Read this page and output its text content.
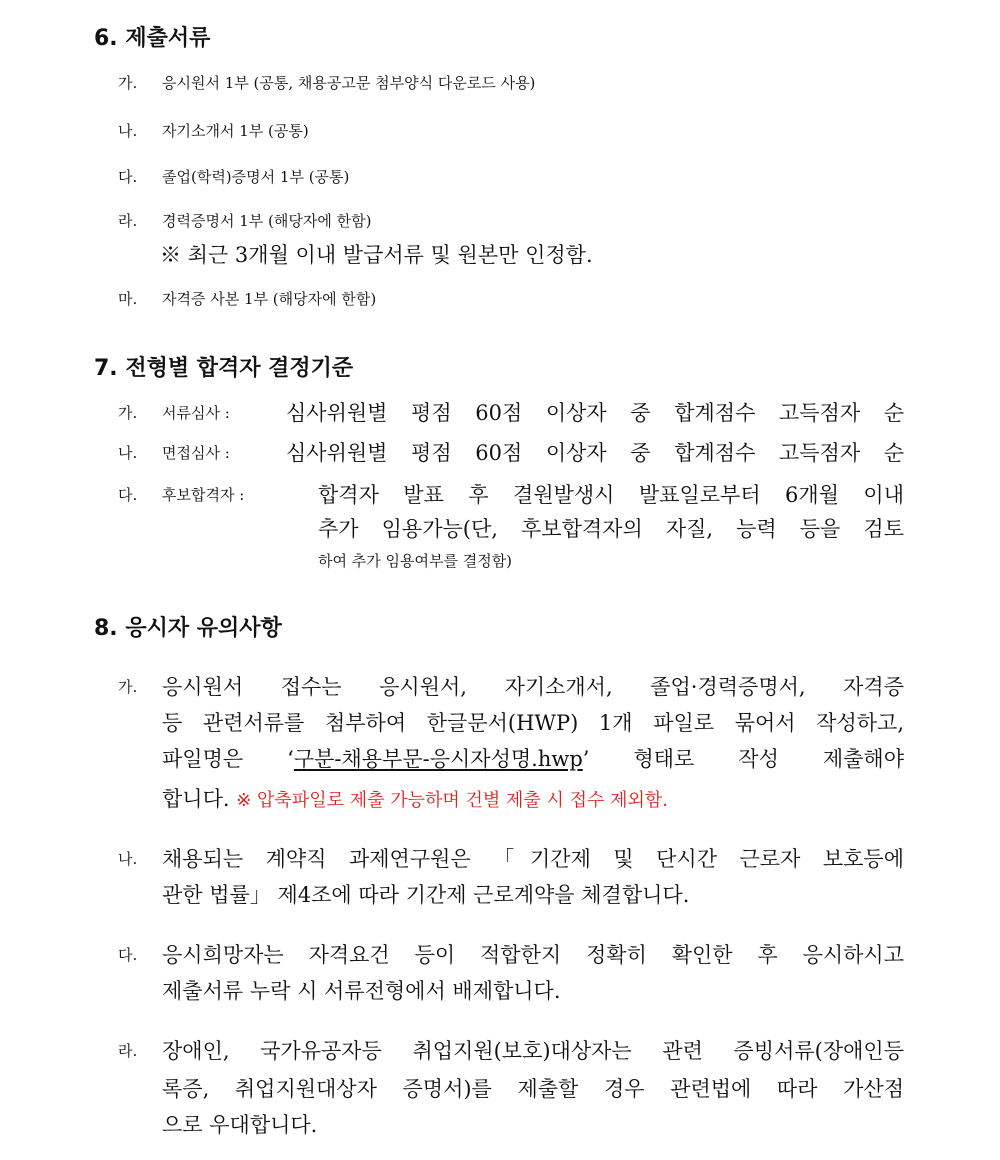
6. 제출서류
가. 응시원서 1부 (공통, 채용공고문 첨부양식 다운로드 사용)
나. 자기소개서 1부 (공통)
다. 졸업(학력)증명서 1부 (공통)
라. 경력증명서 1부 (해당자에 한함)
※ 최근 3개월 이내 발급서류 및 원본만 인정함.
마. 자격증 사본 1부 (해당자에 한함)
7. 전형별 합격자 결정기준
가. 서류심사 :	심사위원별 평점 60점 이상자 중 합계점수 고득점자 순
나. 면접심사 :	심사위원별 평점 60점 이상자 중 합계점수 고득점자 순
다. 후보합격자 :	합격자 발표 후 결원발생시 발표일로부터 6개월 이내
추가 임용가능(단, 후보합격자의 자질, 능력 등을 검토
하여 추가 임용여부를 결정함)
8. 응시자 유의사항
가. 응시원서 접수는 응시원서, 자기소개서, 졸업·경력증명서, 자격증
등 관련서류를 첨부하여 한글문서(HWP) 1개 파일로 묶어서 작성하고,
파일명은 ‘구분-채용부문-응시자성명.hwp’ 형태로 작성 제출해야
합니다. ※ 압축파일로 제출 가능하며 건별 제출 시 접수 제외함.
나. 채용되는 계약직 과제연구원은 「기간제 및 단시간 근로자 보호등에
관한 법률」 제4조에 따라 기간제 근로계약을 체결합니다.
다. 응시희망자는 자격요건 등이 적합한지 정확히 확인한 후 응시하시고
제출서류 누락 시 서류전형에서 배제합니다.
라. 장애인, 국가유공자등 취업지원(보호)대상자는 관련 증빙서류(장애인등
록증, 취업지원대상자 증명서)를 제출할 경우 관련법에 따라 가산점
으로 우대합니다.
